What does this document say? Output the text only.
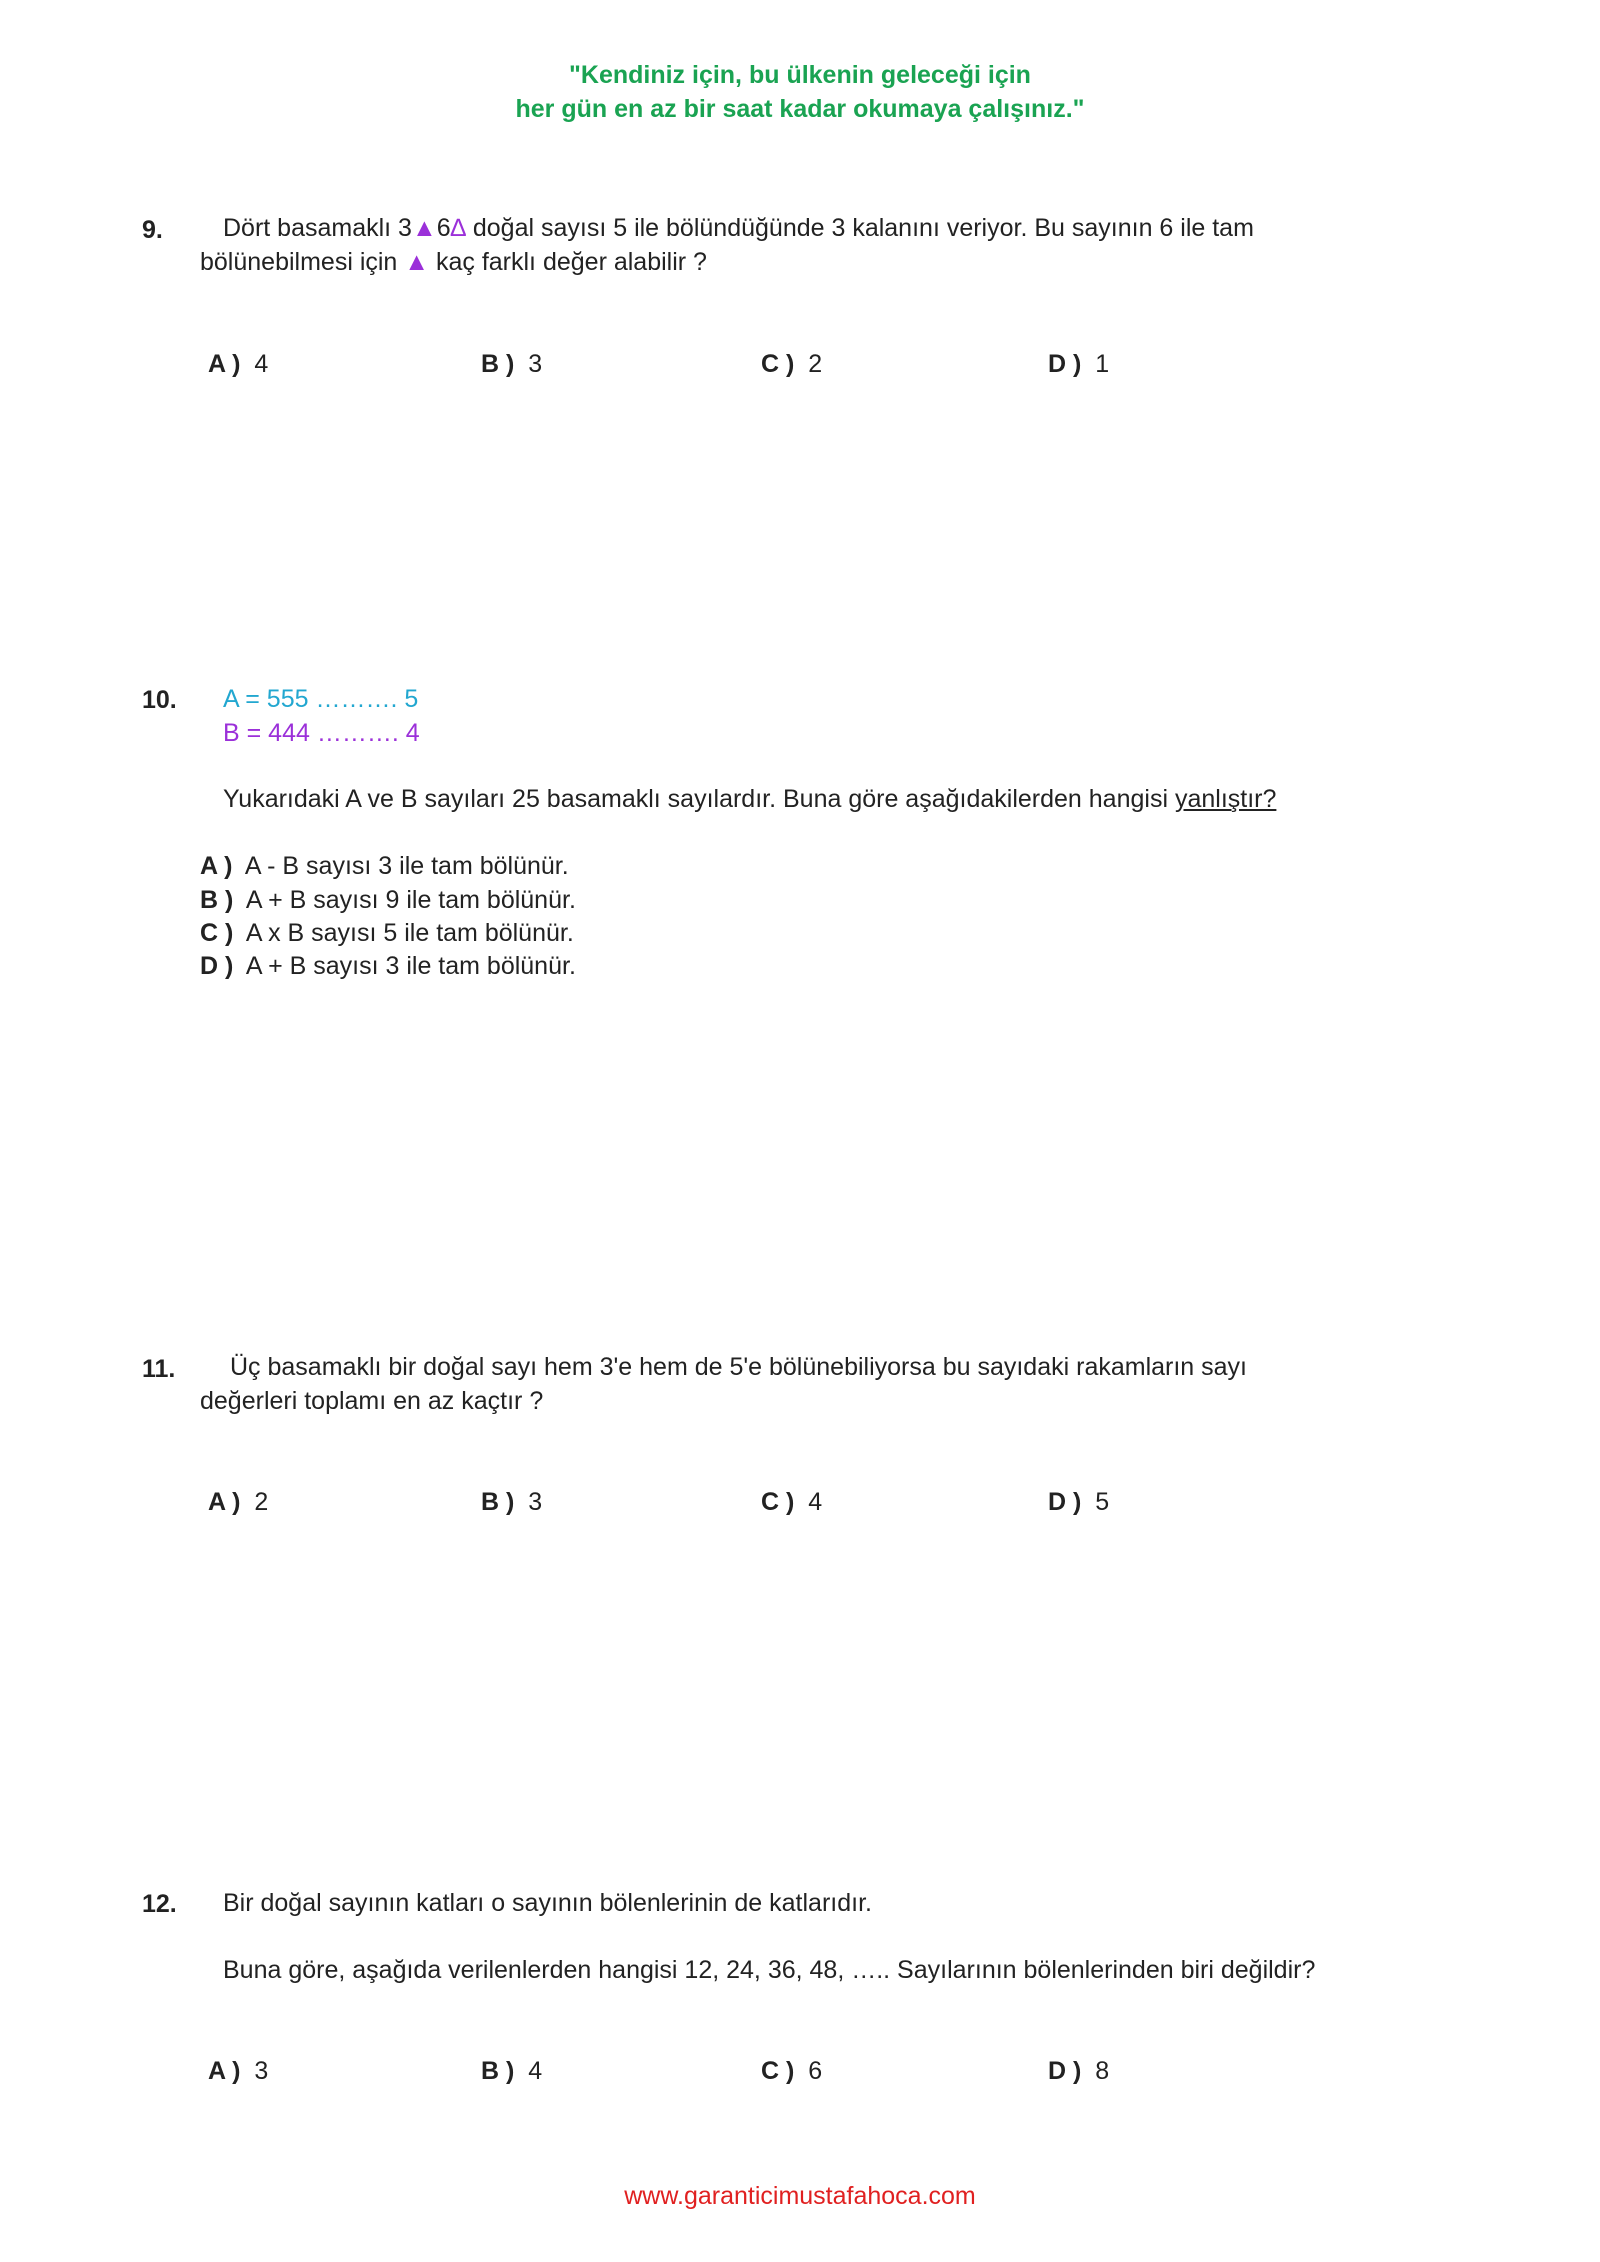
"Kendiniz için, bu ülkenin geleceği için
her gün en az bir saat kadar okumaya çalışınız."
9. Dört basamaklı 3▲6∆ doğal sayısı 5 ile bölündüğünde 3 kalanını veriyor. Bu sayının 6 ile tam
bölünebilmesi için ▲ kaç farklı değer alabilir ?
A ) 4	B ) 3	C ) 2	D ) 1
10. A = 555 ………. 5
B = 444 ………. 4
Yukarıdaki A ve B sayıları 25 basamaklı sayılardır. Buna göre aşağıdakilerden hangisi yanlıştır?
A ) A - B sayısı 3 ile tam bölünür.
B ) A + B sayısı 9 ile tam bölünür.
C ) A x B sayısı 5 ile tam bölünür.
D ) A + B sayısı 3 ile tam bölünür.
11. Üç basamaklı bir doğal sayı hem 3'e hem de 5'e bölünebiliyorsa bu sayıdaki rakamların sayı
değerleri toplamı en az kaçtır ?
A ) 2	B ) 3	C ) 4	D ) 5
12. Bir doğal sayının katları o sayının bölenlerinin de katlarıdır.
Buna göre, aşağıda verilenlerden hangisi 12, 24, 36, 48, ….. Sayılarının bölenlerinden biri değildir?
A ) 3	B ) 4	C ) 6	D ) 8
www.garanticimustafahoca.com
